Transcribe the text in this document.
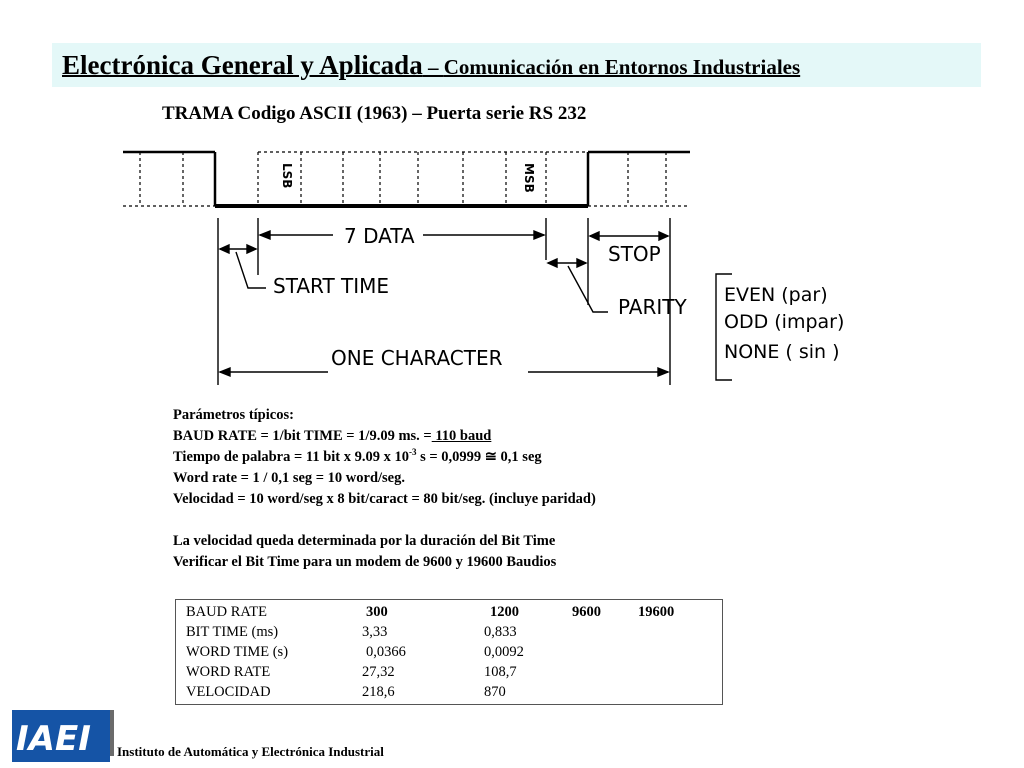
Electrónica General y Aplicada – Comunicación en Entornos Industriales
TRAMA Codigo ASCII (1963) – Puerta serie RS 232
LSB	MSB
7 DATA
STOP
START TIME
PARITY
ONE CHARACTER
EVEN (par)
ODD (impar)
NONE ( sin )
Parámetros típicos:
BAUD RATE = 1/bit TIME = 1/9.09 ms. = 110 baud
Tiempo de palabra = 11 bit x 9.09 x $10^{-3}$ s = 0,0999 ≅ 0,1 seg
Word rate = 1 / 0,1 seg = 10 word/seg.
Velocidad = 10 word/seg x 8 bit/caract = 80 bit/seg. (incluye paridad)
La velocidad queda determinada por la duración del Bit Time
Verificar el Bit Time para un modem de 9600 y 19600 Baudios
BAUD RATE	300	1200	9600	19600
BIT TIME (ms)	3,33	0,833
WORD TIME (s)	0,0366	0,0092
WORD RATE	27,32	108,7
VELOCIDAD	218,6	870
IAEI Instituto de Automática y Electrónica Industrial
